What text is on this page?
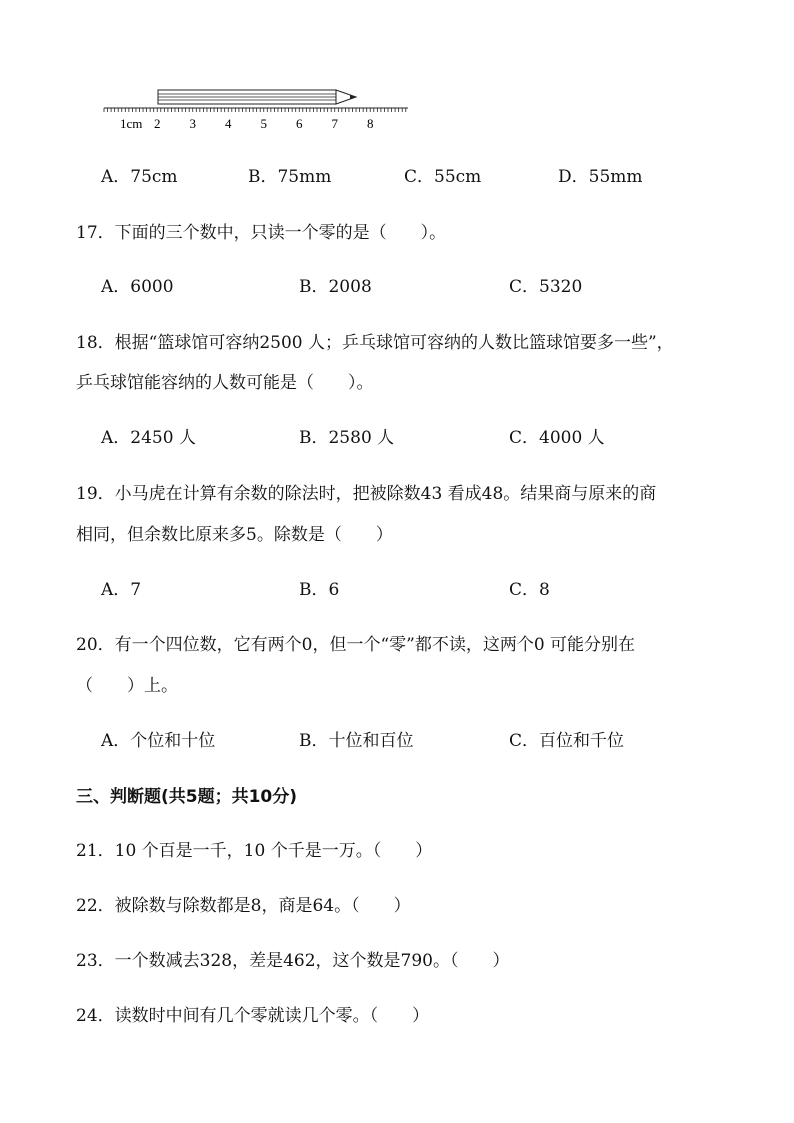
1cm 2 3 4 5 6 7 8
A．75cm	B．75mm	C．55cm	D．55mm
17．下面的三个数中，只读一个零的是（　　）。
A．6000	B．2008	C．5320
18．根据“篮球馆可容纳2500 人；乒乓球馆可容纳的人数比篮球馆要多一些”，
乒乓球馆能容纳的人数可能是（　　）。
A．2450 人	B．2580 人	C．4000 人
19．小马虎在计算有余数的除法时，把被除数43 看成48。结果商与原来的商
相同，但余数比原来多5。除数是（　　）
A．7	B．6	C．8
20．有一个四位数，它有两个0，但一个“零”都不读，这两个0 可能分别在
（　　）上。
A．个位和十位	B．十位和百位	C．百位和千位
三、判断题(共5题；共10分)
21．10 个百是一千，10 个千是一万。（　　）
22．被除数与除数都是8，商是64。（　　）
23．一个数减去328，差是462，这个数是790。（　　）
24．读数时中间有几个零就读几个零。（　　）
